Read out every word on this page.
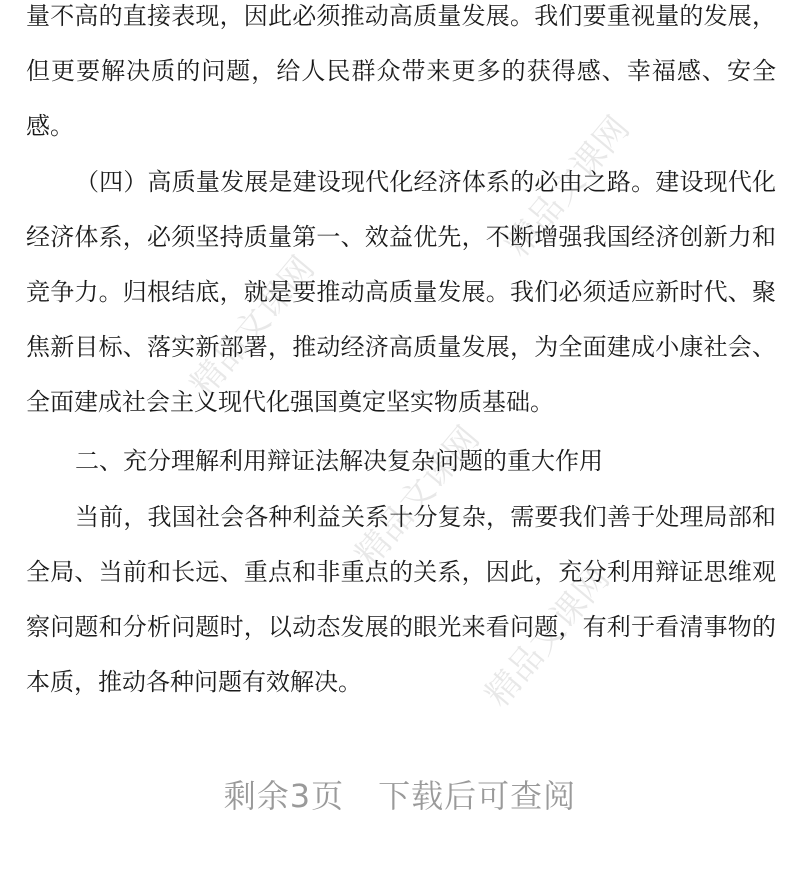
精品文课网
精品文课网
精品文课网
精品文课网

量不高的直接表现，因此必须推动高质量发展。我们要重视量的发展，但更要解决质的问题，给人民群众带来更多的获得感、幸福感、安全感。

（四）高质量发展是建设现代化经济体系的必由之路。建设现代化经济体系，必须坚持质量第一、效益优先，不断增强我国经济创新力和竞争力。归根结底，就是要推动高质量发展。我们必须适应新时代、聚焦新目标、落实新部署，推动经济高质量发展，为全面建成小康社会、全面建成社会主义现代化强国奠定坚实物质基础。

二、充分理解利用辩证法解决复杂问题的重大作用

当前，我国社会各种利益关系十分复杂，需要我们善于处理局部和全局、当前和长远、重点和非重点的关系，因此，充分利用辩证思维观察问题和分析问题时，以动态发展的眼光来看问题，有利于看清事物的本质，推动各种问题有效解决。

剩余3页 下载后可查阅
